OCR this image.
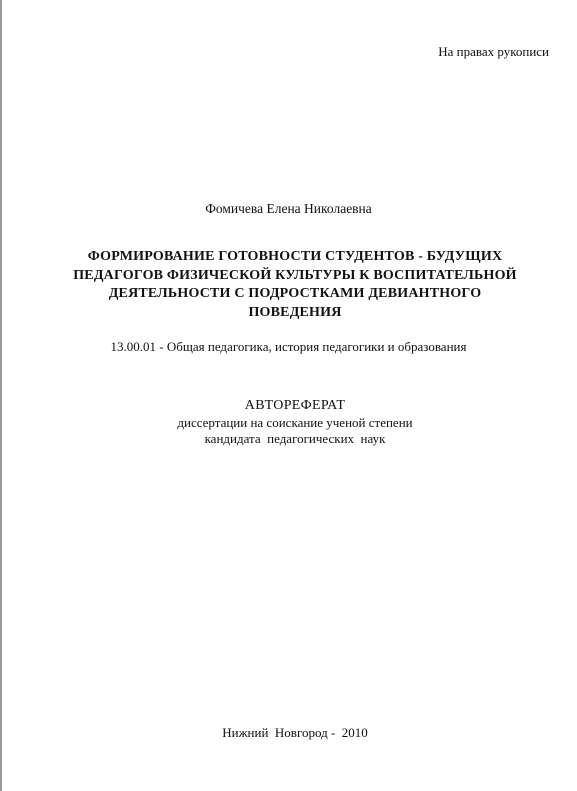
На правах рукописи
Фомичева Елена Николаевна
ФОРМИРОВАНИЕ ГОТОВНОСТИ СТУДЕНТОВ - БУДУЩИХ
ПЕДАГОГОВ ФИЗИЧЕСКОЙ КУЛЬТУРЫ К ВОСПИТАТЕЛЬНОЙ
ДЕЯТЕЛЬНОСТИ С ПОДРОСТКАМИ ДЕВИАНТНОГО
ПОВЕДЕНИЯ
13.00.01 - Общая педагогика, история педагогики и образования
АВТОРЕФЕРАТ
диссертации на соискание ученой степени
кандидата  педагогических  наук
Нижний  Новгород -  2010
